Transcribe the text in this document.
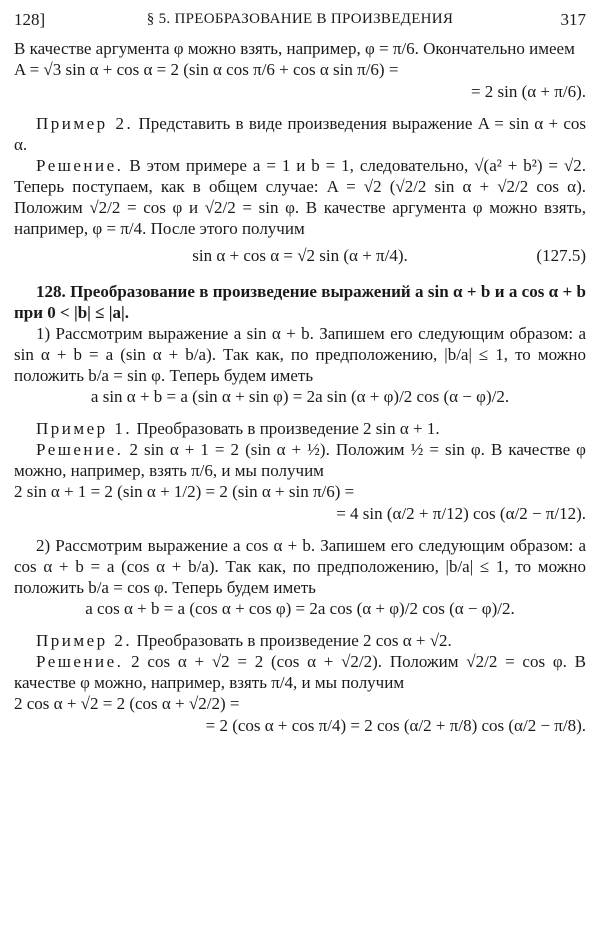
128]	§ 5. ПРЕОБРАЗОВАНИЕ В ПРОИЗВЕДЕНИЯ	317

В качестве аргумента φ можно взять, например, φ = π/6. Окончательно имеем

A = √3 sin α + cos α = 2 (sin α cos π/6 + cos α sin π/6) =
= 2 sin (α + π/6).

Пример 2. Представить в виде произведения выражение A = sin α + cos α.

Решение. В этом примере a = 1 и b = 1, следовательно, √(a² + b²) = √2. Теперь поступаем, как в общем случае: A = √2 (√2/2 sin α + √2/2 cos α). Положим √2/2 = cos φ и √2/2 = sin φ. В качестве аргумента φ можно взять, например, φ = π/4. После этого получим

sin α + cos α = √2 sin (α + π/4).	(127.5)

128. Преобразование в произведение выражений a sin α + b и a cos α + b при 0 < |b| ≤ |a|.

1) Рассмотрим выражение a sin α + b. Запишем его следующим образом: a sin α + b = a (sin α + b/a). Так как, по предположению, |b/a| ≤ 1, то можно положить b/a = sin φ. Теперь будем иметь

a sin α + b = a (sin α + sin φ) = 2a sin (α + φ)/2 cos (α − φ)/2.

Пример 1. Преобразовать в произведение 2 sin α + 1.

Решение. 2 sin α + 1 = 2 (sin α + ½). Положим ½ = sin φ. В качестве φ можно, например, взять π/6, и мы получим

2 sin α + 1 = 2 (sin α + 1/2) = 2 (sin α + sin π/6) =
= 4 sin (α/2 + π/12) cos (α/2 − π/12).

2) Рассмотрим выражение a cos α + b. Запишем его следующим образом: a cos α + b = a (cos α + b/a). Так как, по предположению, |b/a| ≤ 1, то можно положить b/a = cos φ. Теперь будем иметь

a cos α + b = a (cos α + cos φ) = 2a cos (α + φ)/2 cos (α − φ)/2.

Пример 2. Преобразовать в произведение 2 cos α + √2.

Решение. 2 cos α + √2 = 2 (cos α + √2/2). Положим √2/2 = cos φ. В качестве φ можно, например, взять π/4, и мы получим

2 cos α + √2 = 2 (cos α + √2/2) =
= 2 (cos α + cos π/4) = 2 cos (α/2 + π/8) cos (α/2 − π/8).
